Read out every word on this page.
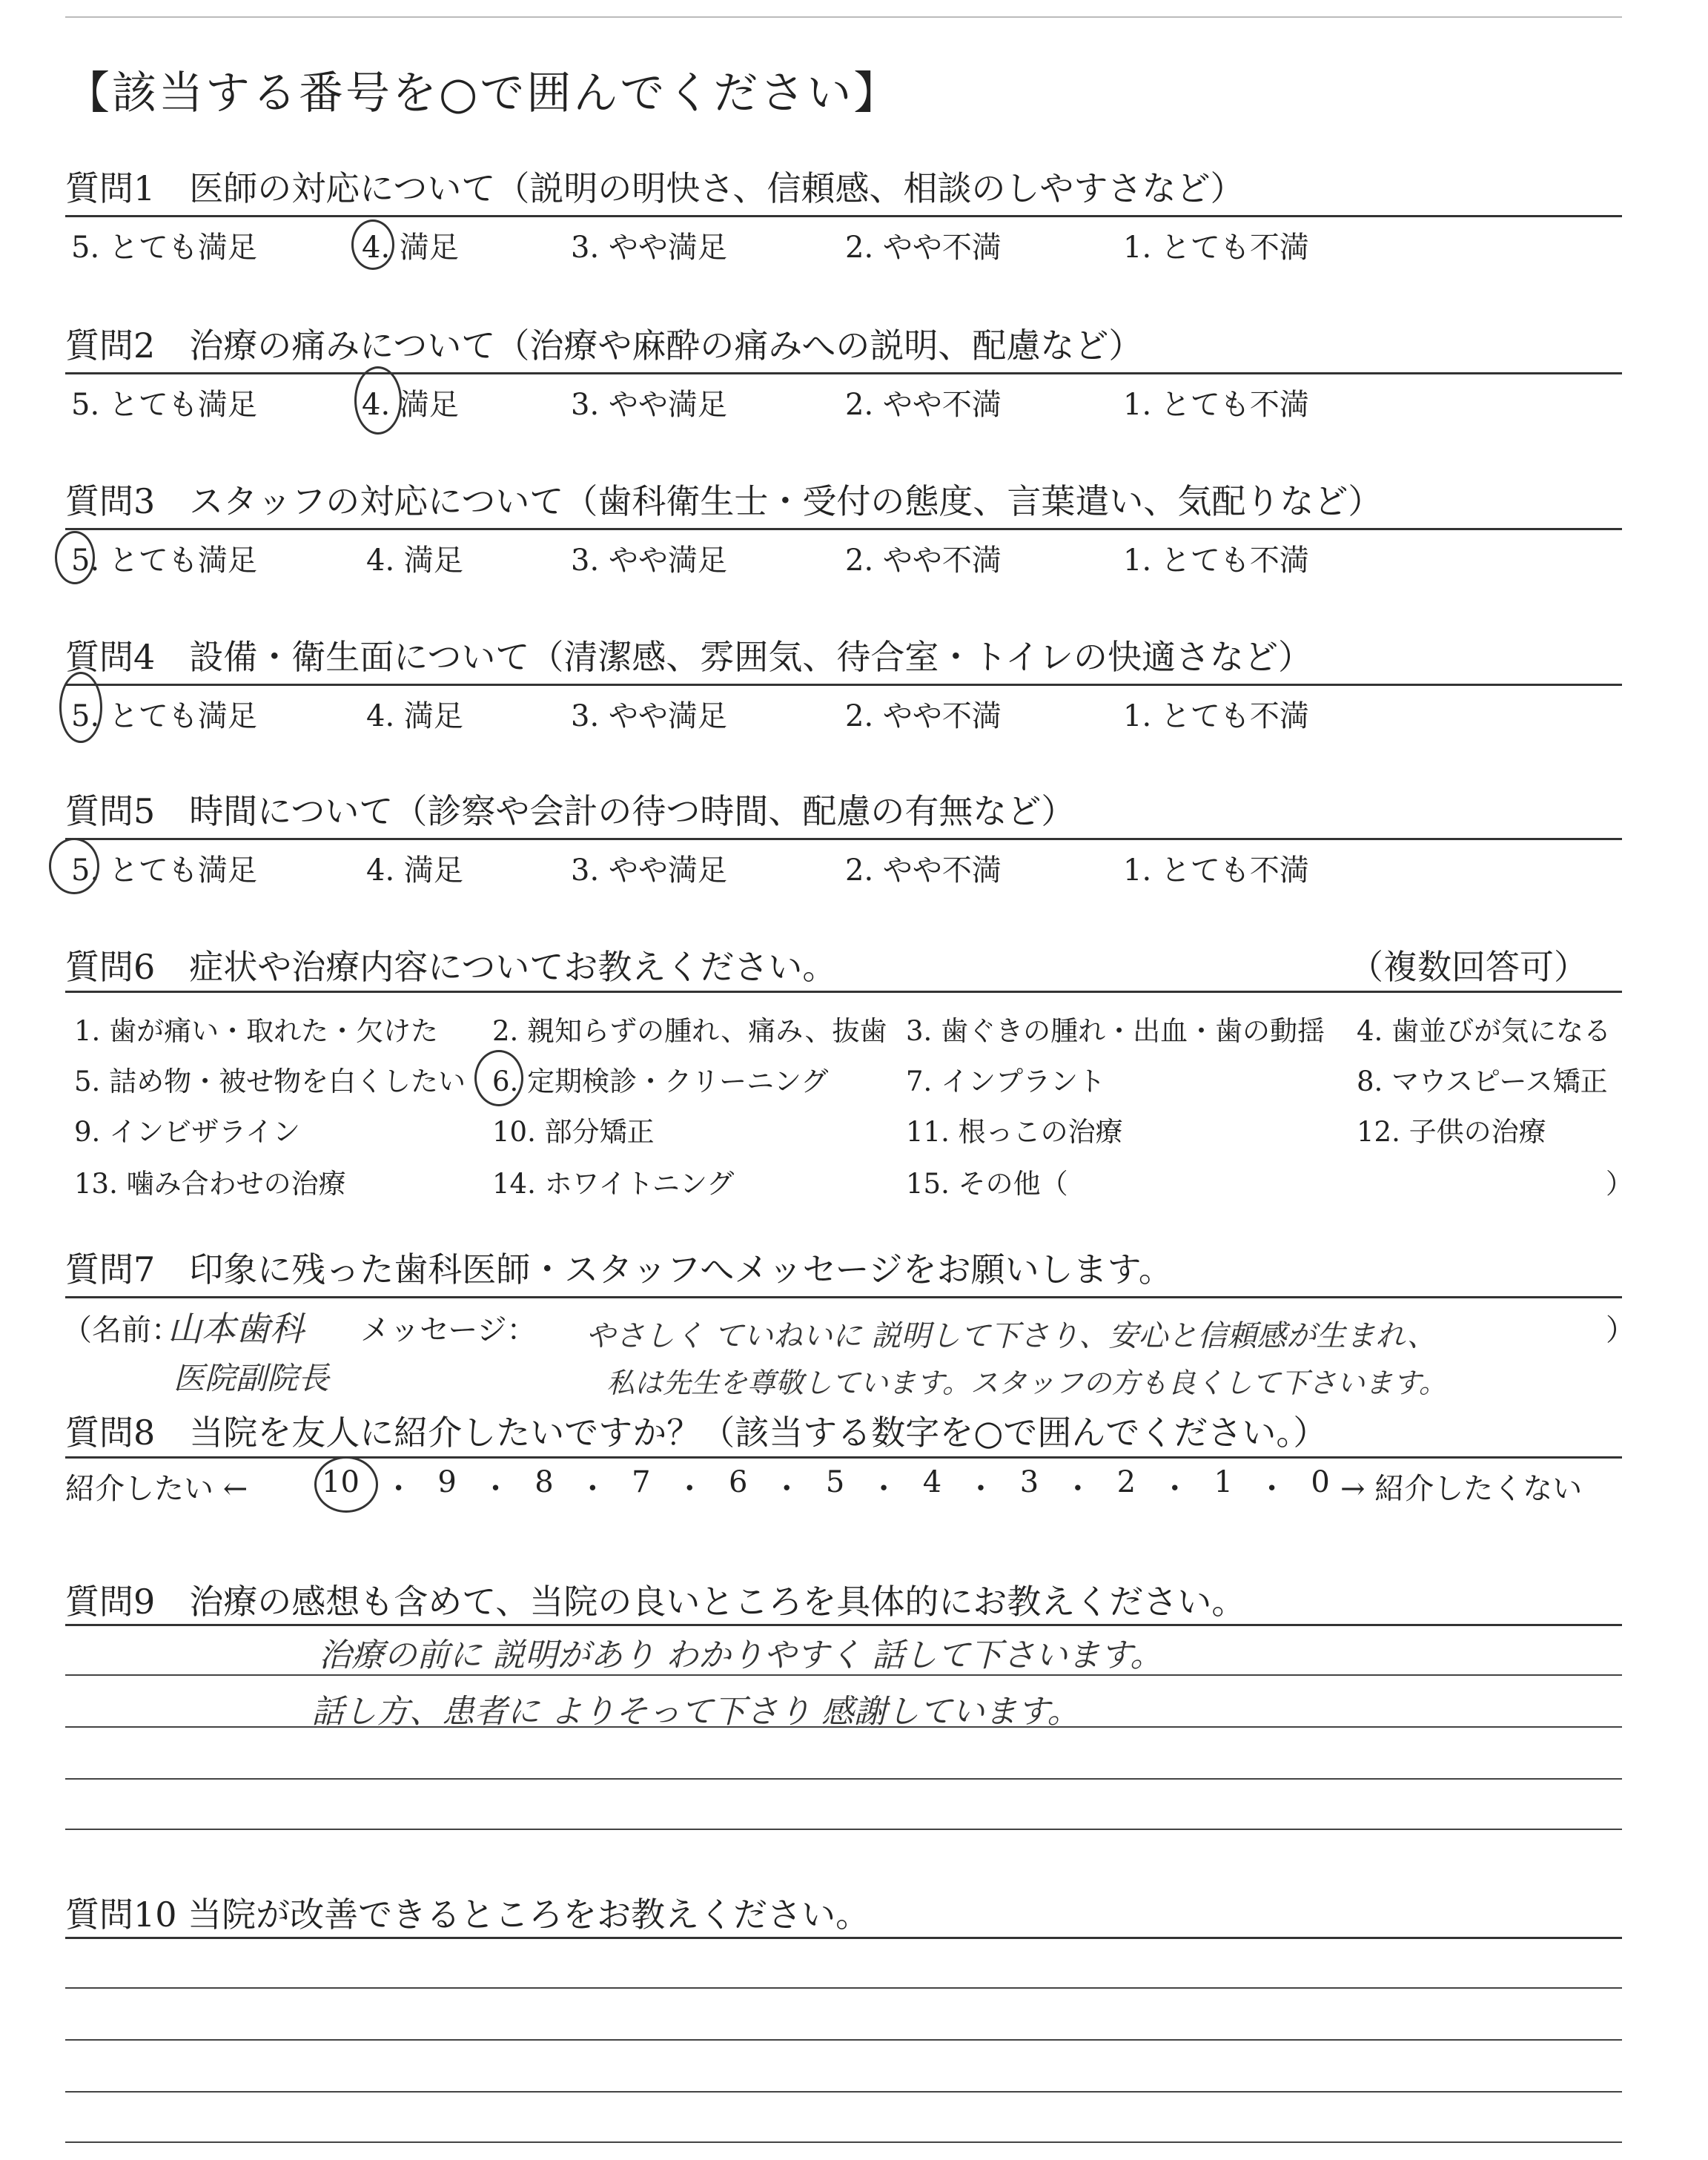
【該当する番号を○で囲んでください】
質問1　医師の対応について（説明の明快さ、信頼感、相談のしやすさなど）
5. とても満足	4. 満足	3. やや満足	2. やや不満	1. とても不満
質問2　治療の痛みについて（治療や麻酔の痛みへの説明、配慮など）
5. とても満足	4. 満足	3. やや満足	2. やや不満	1. とても不満
質問3　スタッフの対応について（歯科衛生士・受付の態度、言葉遣い、気配りなど）
5. とても満足	4. 満足	3. やや満足	2. やや不満	1. とても不満
質問4　設備・衛生面について（清潔感、雰囲気、待合室・トイレの快適さなど）
5. とても満足	4. 満足	3. やや満足	2. やや不満	1. とても不満
質問5　時間について（診察や会計の待つ時間、配慮の有無など）
5. とても満足	4. 満足	3. やや満足	2. やや不満	1. とても不満
質問6　症状や治療内容についてお教えください。	（複数回答可）
1. 歯が痛い・取れた・欠けた 2. 親知らずの腫れ、痛み、抜歯 3. 歯ぐきの腫れ・出血・歯の動揺 4. 歯並びが気になる
5. 詰め物・被せ物を白くしたい 6. 定期検診・クリーニング	7. インプラント	8. マウスピース矯正
9. インビザライン	10. 部分矯正	11. 根っこの治療	12. 子供の治療
13. 噛み合わせの治療	14. ホワイトニング	15. その他（	）
質問7　印象に残った歯科医師・スタッフへメッセージをお願いします。
（名前：
山本歯科
医院副院長
メッセージ： やさしく ていねいに 説明して下さり、安心と信頼感が生まれ、
私は先生を尊敬しています。スタッフの方も良くして下さいます。
）
質問8　当院を友人に紹介したいですか？（該当する数字を○で囲んでください。）
紹介したい ← 10 ・ 9 ・ 8 ・ 7 ・ 6 ・ 5 ・ 4 ・ 3 ・ 2 ・ 1 ・ 0 → 紹介したくない
質問9　治療の感想も含めて、当院の良いところを具体的にお教えください。
治療の前に 説明があり わかりやすく 話して下さいます。
話し方、患者に よりそって下さり 感謝しています。
質問10 当院が改善できるところをお教えください。
